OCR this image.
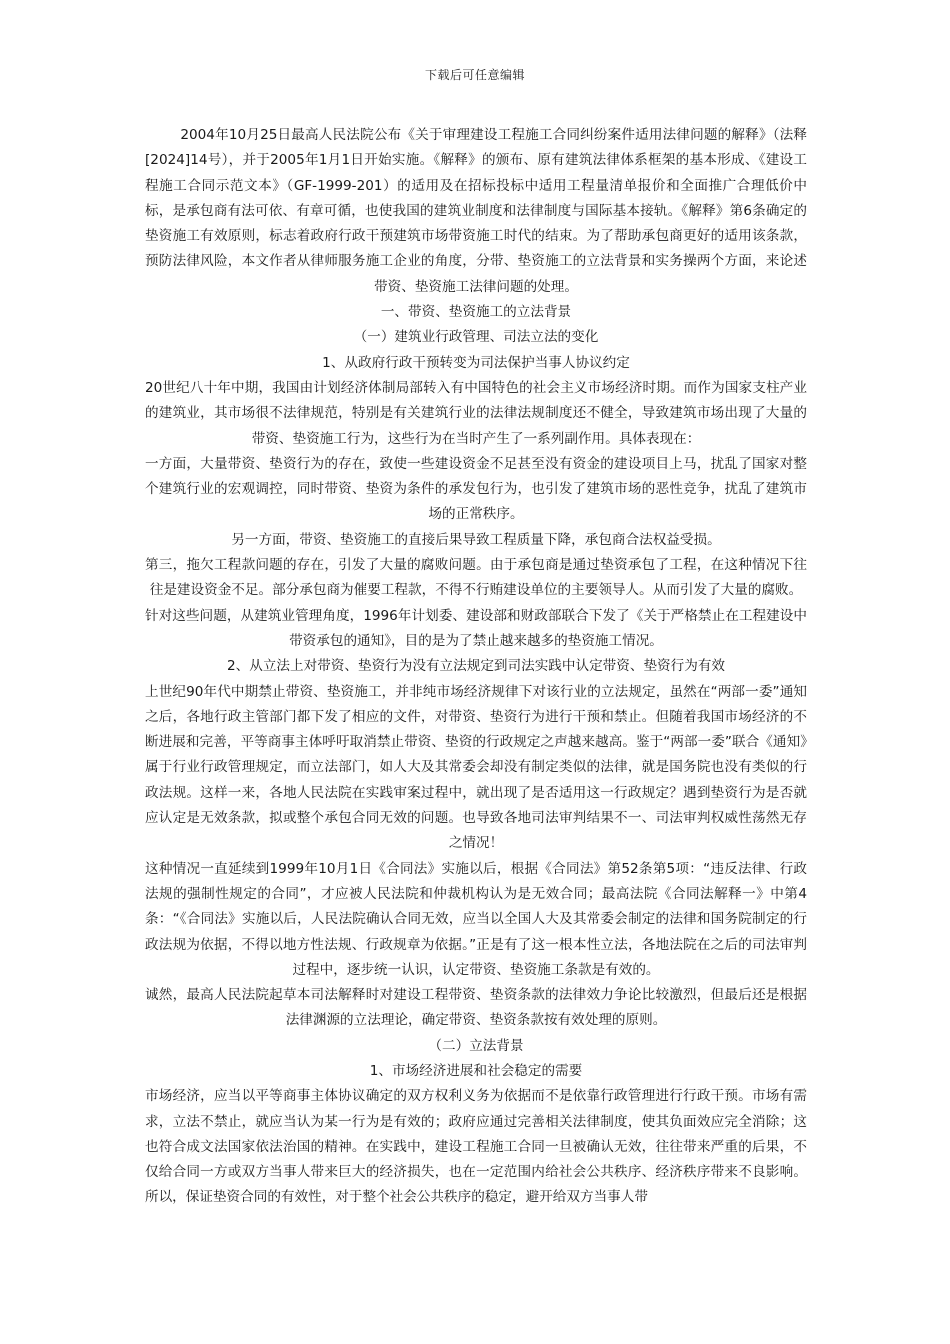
下载后可任意编辑

2004年10月25日最高人民法院公布《关于审理建设工程施工合同纠纷案件适用法律问题的解释》（法释[2024]14号），并于2005年1月1日开始实施。《解释》的颁布、原有建筑法律体系框架的基本形成、《建设工程施工合同示范文本》（GF-1999-201）的适用及在招标投标中适用工程量清单报价和全面推广合理低价中标，是承包商有法可依、有章可循，也使我国的建筑业制度和法律制度与国际基本接轨。《解释》第6条确定的垫资施工有效原则，标志着政府行政干预建筑市场带资施工时代的结束。为了帮助承包商更好的适用该条款，预防法律风险，本文作者从律师服务施工企业的角度，分带、垫资施工的立法背景和实务操两个方面，来论述带资、垫资施工法律问题的处理。

一、带资、垫资施工的立法背景

（一）建筑业行政管理、司法立法的变化

1、从政府行政干预转变为司法保护当事人协议约定

20世纪八十年中期，我国由计划经济体制局部转入有中国特色的社会主义市场经济时期。而作为国家支柱产业的建筑业，其市场很不法律规范，特别是有关建筑行业的法律法规制度还不健全，导致建筑市场出现了大量的带资、垫资施工行为，这些行为在当时产生了一系列副作用。具体表现在：

一方面，大量带资、垫资行为的存在，致使一些建设资金不足甚至没有资金的建设项目上马，扰乱了国家对整个建筑行业的宏观调控，同时带资、垫资为条件的承发包行为，也引发了建筑市场的恶性竞争，扰乱了建筑市场的正常秩序。

另一方面，带资、垫资施工的直接后果导致工程质量下降，承包商合法权益受损。

第三，拖欠工程款问题的存在，引发了大量的腐败问题。由于承包商是通过垫资承包了工程，在这种情况下往往是建设资金不足。部分承包商为催要工程款，不得不行贿建设单位的主要领导人。从而引发了大量的腐败。

针对这些问题，从建筑业管理角度，1996年计划委、建设部和财政部联合下发了《关于严格禁止在工程建设中带资承包的通知》，目的是为了禁止越来越多的垫资施工情况。

2、从立法上对带资、垫资行为没有立法规定到司法实践中认定带资、垫资行为有效

上世纪90年代中期禁止带资、垫资施工，并非纯市场经济规律下对该行业的立法规定，虽然在“两部一委”通知之后，各地行政主管部门都下发了相应的文件，对带资、垫资行为进行干预和禁止。但随着我国市场经济的不断进展和完善，平等商事主体呼吁取消禁止带资、垫资的行政规定之声越来越高。鉴于“两部一委”联合《通知》属于行业行政管理规定，而立法部门，如人大及其常委会却没有制定类似的法律，就是国务院也没有类似的行政法规。这样一来，各地人民法院在实践审案过程中，就出现了是否适用这一行政规定？遇到垫资行为是否就应认定是无效条款，拟或整个承包合同无效的问题。也导致各地司法审判结果不一、司法审判权威性荡然无存之情况！

这种情况一直延续到1999年10月1日《合同法》实施以后，根据《合同法》第52条第5项：“违反法律、行政法规的强制性规定的合同”，才应被人民法院和仲裁机构认为是无效合同；最高法院《合同法解释一》中第4条：“《合同法》实施以后，人民法院确认合同无效，应当以全国人大及其常委会制定的法律和国务院制定的行政法规为依据，不得以地方性法规、行政规章为依据。”正是有了这一根本性立法，各地法院在之后的司法审判过程中，逐步统一认识，认定带资、垫资施工条款是有效的。

诚然，最高人民法院起草本司法解释时对建设工程带资、垫资条款的法律效力争论比较激烈，但最后还是根据法律渊源的立法理论，确定带资、垫资条款按有效处理的原则。

（二）立法背景

1、市场经济进展和社会稳定的需要

市场经济，应当以平等商事主体协议确定的双方权利义务为依据而不是依靠行政管理进行行政干预。市场有需求，立法不禁止，就应当认为某一行为是有效的；政府应通过完善相关法律制度，使其负面效应完全消除；这也符合成文法国家依法治国的精神。在实践中，建设工程施工合同一旦被确认无效，往往带来严重的后果，不仅给合同一方或双方当事人带来巨大的经济损失，也在一定范围内给社会公共秩序、经济秩序带来不良影响。所以，保证垫资合同的有效性，对于整个社会公共秩序的稳定，避开给双方当事人带
